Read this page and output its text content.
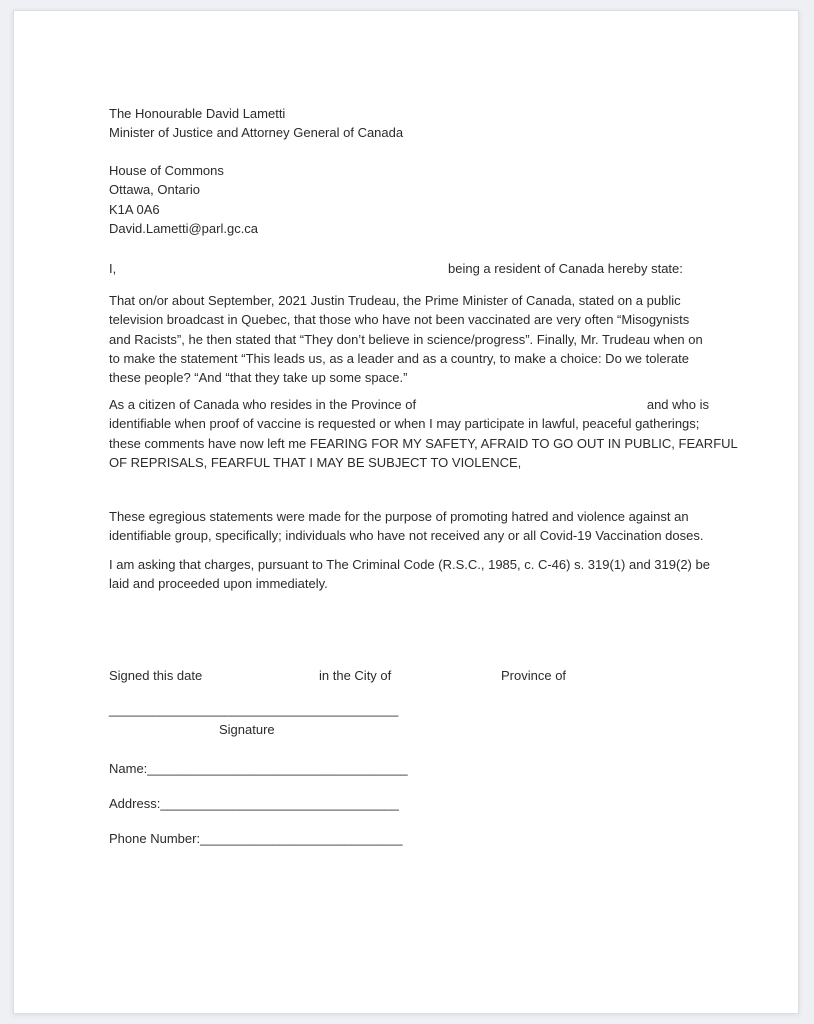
The Honourable David Lametti
Minister of Justice and Attorney General of Canada
House of Commons
Ottawa, Ontario
K1A 0A6
David.Lametti@parl.gc.ca
I,	being a resident of Canada hereby state:
That on/or about September, 2021 Justin Trudeau, the Prime Minister of Canada, stated on a public
television broadcast in Quebec, that those who have not been vaccinated are very often “Misogynists
and Racists”, he then stated that “They don’t believe in science/progress”. Finally, Mr. Trudeau when on
to make the statement “This leads us, as a leader and as a country, to make a choice: Do we tolerate
these people? “And “that they take up some space.”
As a citizen of Canada who resides in the Province of	and who is
identifiable when proof of vaccine is requested or when I may participate in lawful, peaceful gatherings;
these comments have now left me FEARING FOR MY SAFETY, AFRAID TO GO OUT IN PUBLIC, FEARFUL
OF REPRISALS, FEARFUL THAT I MAY BE SUBJECT TO VIOLENCE,
These egregious statements were made for the purpose of promoting hatred and violence against an
identifiable group, specifically; individuals who have not received any or all Covid-19 Vaccination doses.
I am asking that charges, pursuant to The Criminal Code (R.S.C., 1985, c. C-46) s. 319(1) and 319(2) be
laid and proceeded upon immediately.
Signed this date	in the City of	Province of
________________________________________
Signature
Name:____________________________________
Address:_________________________________
Phone Number:____________________________
